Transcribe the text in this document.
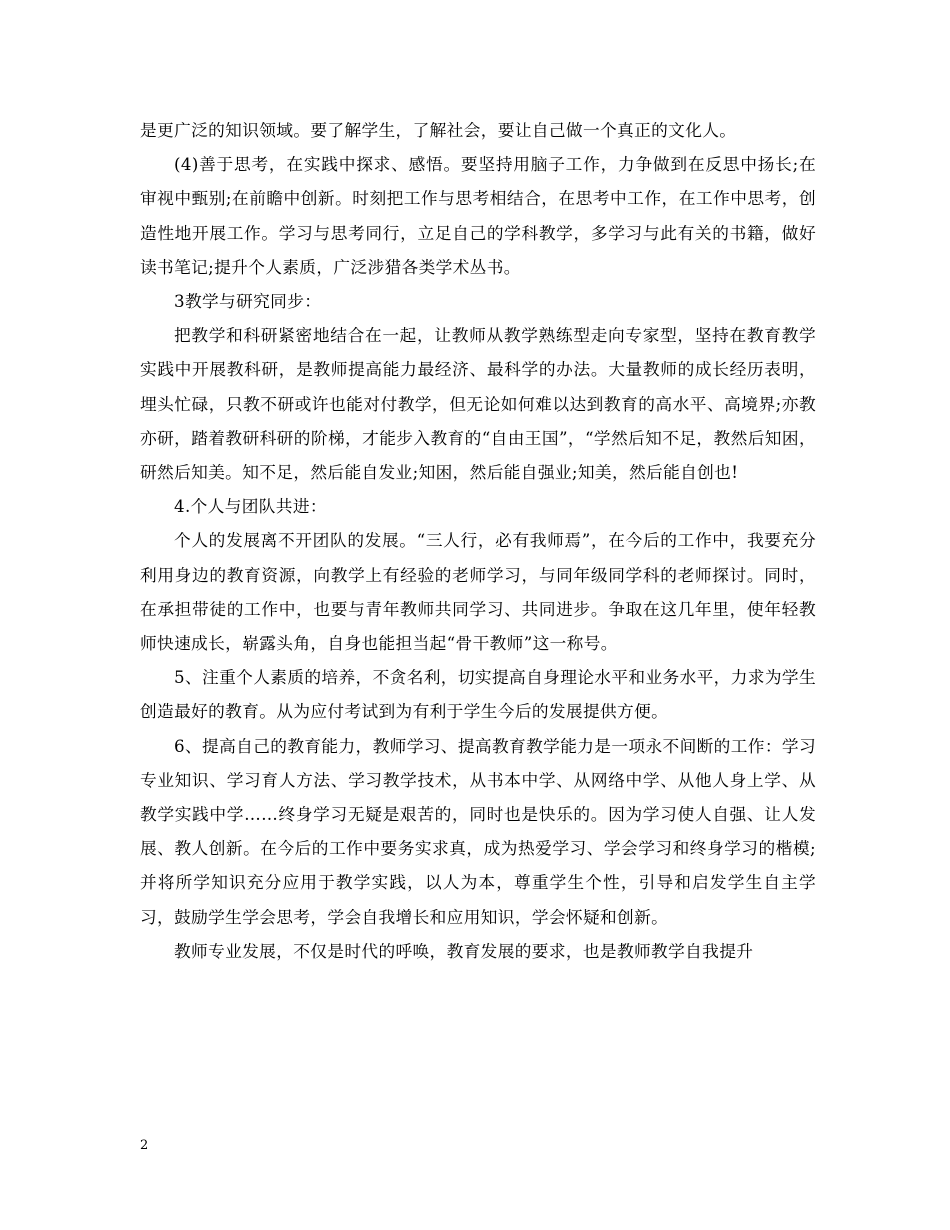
是更广泛的知识领域。要了解学生，了解社会，要让自己做一个真正的文化人。

(4)善于思考，在实践中探求、感悟。要坚持用脑子工作，力争做到在反思中扬长;在审视中甄别;在前瞻中创新。时刻把工作与思考相结合，在思考中工作，在工作中思考，创造性地开展工作。学习与思考同行，立足自己的学科教学，多学习与此有关的书籍，做好读书笔记;提升个人素质，广泛涉猎各类学术丛书。

3教学与研究同步：

把教学和科研紧密地结合在一起，让教师从教学熟练型走向专家型，坚持在教育教学实践中开展教科研，是教师提高能力最经济、最科学的办法。大量教师的成长经历表明，埋头忙碌，只教不研或许也能对付教学，但无论如何难以达到教育的高水平、高境界;亦教亦研，踏着教研科研的阶梯，才能步入教育的“自由王国”，“学然后知不足，教然后知困，研然后知美。知不足，然后能自发业;知困，然后能自强业;知美，然后能自创也!

4.个人与团队共进：

个人的发展离不开团队的发展。“三人行，必有我师焉”，在今后的工作中，我要充分利用身边的教育资源，向教学上有经验的老师学习，与同年级同学科的老师探讨。同时，在承担带徒的工作中，也要与青年教师共同学习、共同进步。争取在这几年里，使年轻教师快速成长，崭露头角，自身也能担当起“骨干教师”这一称号。

5、注重个人素质的培养，不贪名利，切实提高自身理论水平和业务水平，力求为学生创造最好的教育。从为应付考试到为有利于学生今后的发展提供方便。

6、提高自己的教育能力，教师学习、提高教育教学能力是一项永不间断的工作：学习专业知识、学习育人方法、学习教学技术，从书本中学、从网络中学、从他人身上学、从教学实践中学……终身学习无疑是艰苦的，同时也是快乐的。因为学习使人自强、让人发展、教人创新。在今后的工作中要务实求真，成为热爱学习、学会学习和终身学习的楷模;并将所学知识充分应用于教学实践，以人为本，尊重学生个性，引导和启发学生自主学习，鼓励学生学会思考，学会自我增长和应用知识，学会怀疑和创新。

教师专业发展，不仅是时代的呼唤，教育发展的要求，也是教师教学自我提升

2
